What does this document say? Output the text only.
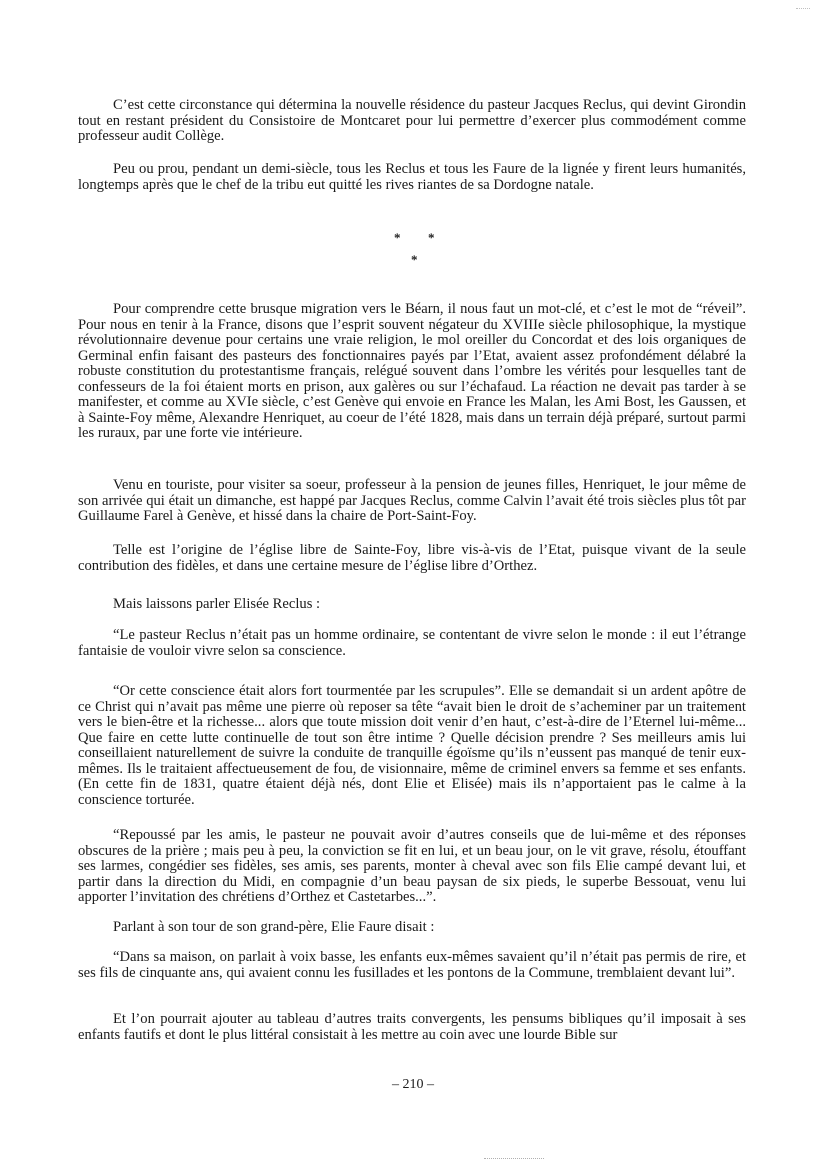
C’est cette circonstance qui détermina la nouvelle résidence du pasteur Jacques Reclus, qui devint Girondin tout en restant président du Consistoire de Montcaret pour lui permettre d’exercer plus commodément comme professeur audit Collège.

Peu ou prou, pendant un demi-siècle, tous les Reclus et tous les Faure de la lignée y firent leurs humanités, longtemps après que le chef de la tribu eut quitté les rives riantes de sa Dordogne natale.

* *
*

Pour comprendre cette brusque migration vers le Béarn, il nous faut un mot-clé, et c’est le mot de “réveil”. Pour nous en tenir à la France, disons que l’esprit souvent négateur du XVIIIe siècle philosophique, la mystique révolutionnaire devenue pour certains une vraie religion, le mol oreiller du Concordat et des lois organiques de Germinal enfin faisant des pasteurs des fonctionnaires payés par l’Etat, avaient assez profondément délabré la robuste constitution du protestantisme français, relégué souvent dans l’ombre les vérités pour lesquelles tant de confesseurs de la foi étaient morts en prison, aux galères ou sur l’échafaud. La réaction ne devait pas tarder à se manifester, et comme au XVIe siècle, c’est Genève qui envoie en France les Malan, les Ami Bost, les Gaussen, et à Sainte-Foy même, Alexandre Henriquet, au coeur de l’été 1828, mais dans un terrain déjà préparé, surtout parmi les ruraux, par une forte vie intérieure.

Venu en touriste, pour visiter sa soeur, professeur à la pension de jeunes filles, Henriquet, le jour même de son arrivée qui était un dimanche, est happé par Jacques Reclus, comme Calvin l’avait été trois siècles plus tôt par Guillaume Farel à Genève, et hissé dans la chaire de Port-Saint-Foy.

Telle est l’origine de l’église libre de Sainte-Foy, libre vis-à-vis de l’Etat, puisque vivant de la seule contribution des fidèles, et dans une certaine mesure de l’église libre d’Orthez.

Mais laissons parler Elisée Reclus :

“Le pasteur Reclus n’était pas un homme ordinaire, se contentant de vivre selon le monde : il eut l’étrange fantaisie de vouloir vivre selon sa conscience.

“Or cette conscience était alors fort tourmentée par les scrupules”. Elle se demandait si un ardent apôtre de ce Christ qui n’avait pas même une pierre où reposer sa tête “avait bien le droit de s’acheminer par un traitement vers le bien-être et la richesse... alors que toute mission doit venir d’en haut, c’est-à-dire de l’Eternel lui-même... Que faire en cette lutte continuelle de tout son être intime ? Quelle décision prendre ? Ses meilleurs amis lui conseillaient naturellement de suivre la conduite de tranquille égoïsme qu’ils n’eussent pas manqué de tenir eux-mêmes. Ils le traitaient affectueusement de fou, de visionnaire, même de criminel envers sa femme et ses enfants. (En cette fin de 1831, quatre étaient déjà nés, dont Elie et Elisée) mais ils n’apportaient pas le calme à la conscience torturée.

“Repoussé par les amis, le pasteur ne pouvait avoir d’autres conseils que de lui-même et des réponses obscures de la prière ; mais peu à peu, la conviction se fit en lui, et un beau jour, on le vit grave, résolu, étouffant ses larmes, congédier ses fidèles, ses amis, ses parents, monter à cheval avec son fils Elie campé devant lui, et partir dans la direction du Midi, en compagnie d’un beau paysan de six pieds, le superbe Bessouat, venu lui apporter l’invitation des chrétiens d’Orthez et Castetarbes...”.

Parlant à son tour de son grand-père, Elie Faure disait :

“Dans sa maison, on parlait à voix basse, les enfants eux-mêmes savaient qu’il n’était pas permis de rire, et ses fils de cinquante ans, qui avaient connu les fusillades et les pontons de la Commune, tremblaient devant lui”.

Et l’on pourrait ajouter au tableau d’autres traits convergents, les pensums bibliques qu’il imposait à ses enfants fautifs et dont le plus littéral consistait à les mettre au coin avec une lourde Bible sur

– 210 –
